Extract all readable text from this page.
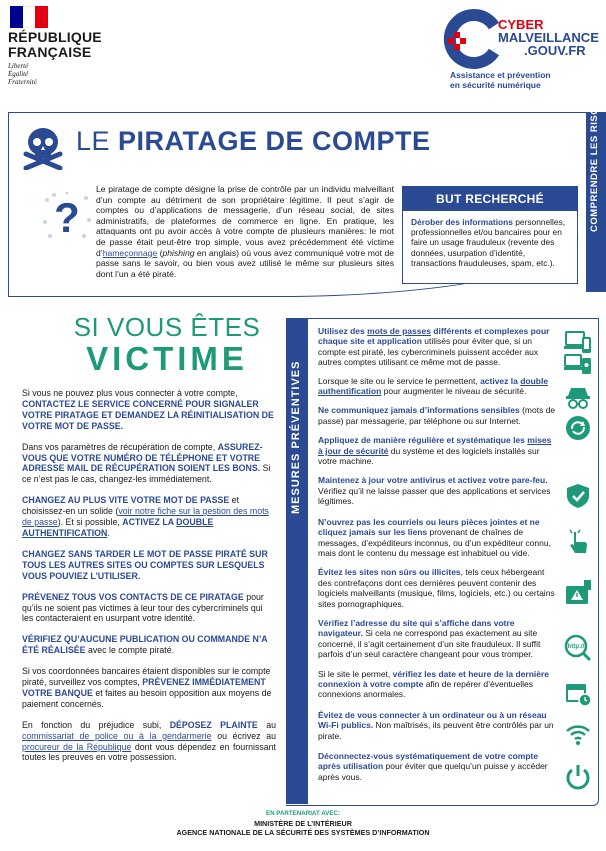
RÉPUBLIQUE
FRANÇAISE
Liberté
Égalité
Fraternité
CYBER
MALVEILLANCE
.GOUV.FR
Assistance et prévention
en sécurité numérique
COMPRENDRE LES RISQUES
LE PIRATAGE DE COMPTE
?
Le piratage de compte désigne la prise de contrôle par un individu malveillant d’un compte au détriment de son propriétaire légitime. Il peut s’agir de comptes ou d’applications de messagerie, d’un réseau social, de sites administratifs, de plateformes de commerce en ligne. En pratique, les attaquants ont pu avoir accès à votre compte de plusieurs manières: le mot de passe était peut-être trop simple, vous avez précédemment été victime d’hameçonnage (phishing en anglais) où vous avez communiqué votre mot de passe sans le savoir, ou bien vous avez utilisé le même sur plusieurs sites dont l’un a été piraté.
BUT RECHERCHÉ
Dérober des informations personnelles, professionnelles et/ou bancaires pour en faire un usage frauduleux (revente des données, usurpation d’identité, transactions frauduleuses, spam, etc.).
SI VOUS ÊTES
VICTIME

Si vous ne pouvez plus vous connecter à votre compte, CONTACTEZ LE SERVICE CONCERNÉ POUR SIGNALER VOTRE PIRATAGE ET DEMANDEZ LA RÉINITIALISATION DE VOTRE MOT DE PASSE.

Dans vos paramètres de récupération de compte, ASSUREZ-VOUS QUE VOTRE NUMÉRO DE TÉLÉPHONE ET VOTRE ADRESSE MAIL DE RÉCUPÉRATION SOIENT LES BONS. Si ce n’est pas le cas, changez-les immédiatement.

CHANGEZ AU PLUS VITE VOTRE MOT DE PASSE et choisissez-en un solide (voir notre fiche sur la gestion des mots de passe). Et si possible, ACTIVEZ LA DOUBLE AUTHENTIFICATION.

CHANGEZ SANS TARDER LE MOT DE PASSE PIRATÉ SUR TOUS LES AUTRES SITES OU COMPTES SUR LESQUELS VOUS POUVIEZ L’UTILISER.

PRÉVENEZ TOUS VOS CONTACTS DE CE PIRATAGE pour qu’ils ne soient pas victimes à leur tour des cybercriminels qui les contacteraient en usurpant votre identité.

VÉRIFIEZ QU’AUCUNE PUBLICATION OU COMMANDE N’A ÉTÉ RÉALISÉE avec le compte piraté.

Si vos coordonnées bancaires étaient disponibles sur le compte piraté, surveillez vos comptes, PRÉVENEZ IMMÉDIATEMENT VOTRE BANQUE et faites au besoin opposition aux moyens de paiement concernés.

En fonction du préjudice subi, DÉPOSEZ PLAINTE au commissariat de police ou à la gendarmerie ou écrivez au procureur de la République dont vous dépendez en fournissant toutes les preuves en votre possession.

MESURES PRÉVENTIVES

Utilisez des mots de passes différents et complexes pour chaque site et application utilisés pour éviter que, si un compte est piraté, les cybercriminels puissent accéder aux autres comptes utilisant ce même mot de passe.

Lorsque le site ou le service le permettent, activez la double authentification pour augmenter le niveau de sécurité.

Ne communiquez jamais d’informations sensibles (mots de passe) par messagerie, par téléphone ou sur Internet.

Appliquez de manière régulière et systématique les mises à jour de sécurité du système et des logiciels installés sur votre machine.

Maintenez à jour votre antivirus et activez votre pare-feu. Vérifiez qu’il ne laisse passer que des applications et services légitimes.

N’ouvrez pas les courriels ou leurs pièces jointes et ne cliquez jamais sur les liens provenant de chaînes de messages, d’expéditeurs inconnus, ou d’un expéditeur connu, mais dont le contenu du message est inhabituel ou vide.

Évitez les sites non sûrs ou illicites, tels ceux hébergeant des contrefaçons dont ces dernières peuvent contenir des logiciels malveillants (musique, films, logiciels, etc.) ou certains sites pornographiques.

Vérifiez l’adresse du site qui s’affiche dans votre navigateur. Si cela ne correspond pas exactement au site concerné, il s’agit certainement d’un site frauduleux. Il suffit parfois d’un seul caractère changeant pour vous tromper.

Si le site le permet, vérifiez les date et heure de la dernière connexion à votre compte afin de repérer d’éventuelles connexions anormales.

Évitez de vous connecter à un ordinateur ou à un réseau Wi-Fi publics. Non maîtrisés, ils peuvent être contrôlés par un pirate.

Déconnectez-vous systématiquement de votre compte après utilisation pour éviter que quelqu’un puisse y accéder après vous.

http://
EN PARTENARIAT AVEC:
MINISTÈRE DE L’INTÉRIEUR
AGENCE NATIONALE DE LA SÉCURITÉ DES SYSTÈMES D’INFORMATION
